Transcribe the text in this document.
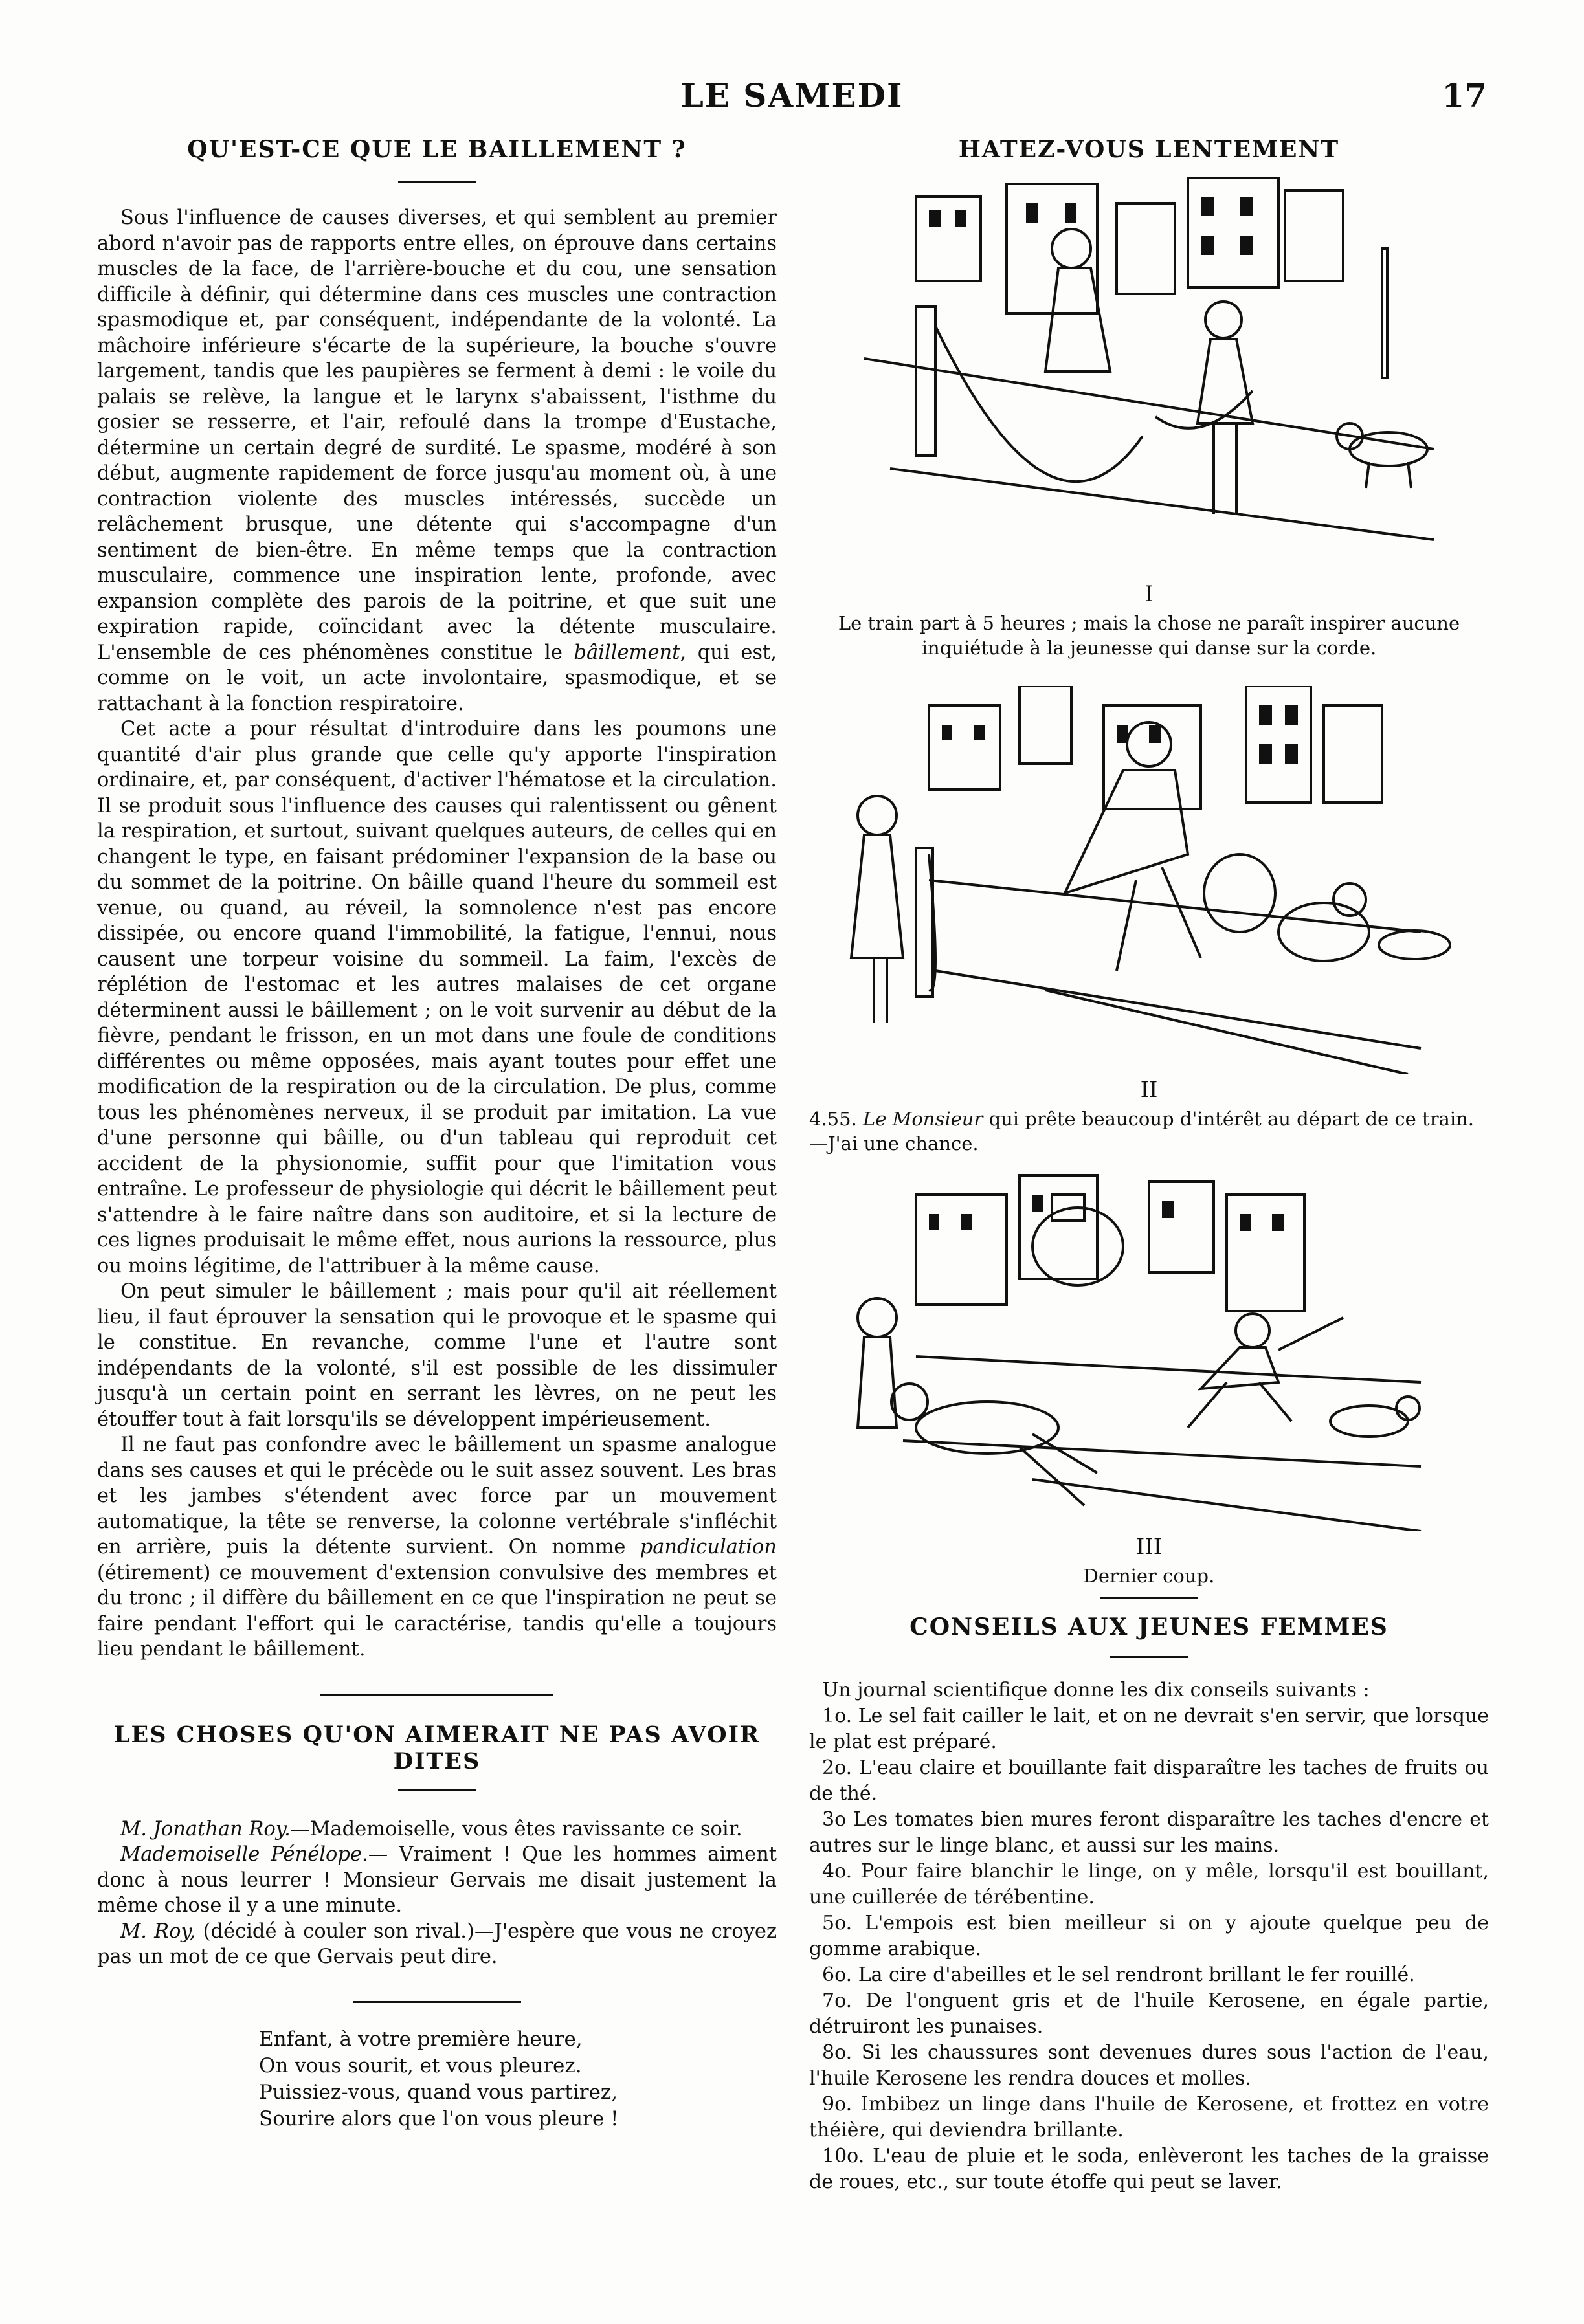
LE SAMEDI	17
QU'EST-CE QUE LE BAILLEMENT ?

Sous l'influence de causes diverses, et qui semblent au premier abord n'avoir pas de rapports entre elles, on éprouve dans certains muscles de la face, de l'arrière-bouche et du cou, une sensation difficile à définir, qui détermine dans ces muscles une contraction spasmodique et, par conséquent, indépendante de la volonté. La mâchoire inférieure s'écarte de la supérieure, la bouche s'ouvre largement, tandis que les paupières se ferment à demi : le voile du palais se relève, la langue et le larynx s'abaissent, l'isthme du gosier se resserre, et l'air, refoulé dans la trompe d'Eustache, détermine un certain degré de surdité. Le spasme, modéré à son début, augmente rapidement de force jusqu'au moment où, à une contraction violente des muscles intéressés, succède un relâchement brusque, une détente qui s'accompagne d'un sentiment de bien-être. En même temps que la contraction musculaire, commence une inspiration lente, profonde, avec expansion complète des parois de la poitrine, et que suit une expiration rapide, coïncidant avec la détente musculaire. L'ensemble de ces phénomènes constitue le bâillement, qui est, comme on le voit, un acte involontaire, spasmodique, et se rattachant à la fonction respiratoire.

Cet acte a pour résultat d'introduire dans les poumons une quantité d'air plus grande que celle qu'y apporte l'inspiration ordinaire, et, par conséquent, d'activer l'hématose et la circulation. Il se produit sous l'influence des causes qui ralentissent ou gênent la respiration, et surtout, suivant quelques auteurs, de celles qui en changent le type, en faisant prédominer l'expansion de la base ou du sommet de la poitrine. On bâille quand l'heure du sommeil est venue, ou quand, au réveil, la somnolence n'est pas encore dissipée, ou encore quand l'immobilité, la fatigue, l'ennui, nous causent une torpeur voisine du sommeil. La faim, l'excès de réplétion de l'estomac et les autres malaises de cet organe déterminent aussi le bâillement ; on le voit survenir au début de la fièvre, pendant le frisson, en un mot dans une foule de conditions différentes ou même opposées, mais ayant toutes pour effet une modification de la respiration ou de la circulation. De plus, comme tous les phénomènes nerveux, il se produit par imitation. La vue d'une personne qui bâille, ou d'un tableau qui reproduit cet accident de la physionomie, suffit pour que l'imitation vous entraîne. Le professeur de physiologie qui décrit le bâillement peut s'attendre à le faire naître dans son auditoire, et si la lecture de ces lignes produisait le même effet, nous aurions la ressource, plus ou moins légitime, de l'attribuer à la même cause.

On peut simuler le bâillement ; mais pour qu'il ait réellement lieu, il faut éprouver la sensation qui le provoque et le spasme qui le constitue. En revanche, comme l'une et l'autre sont indépendants de la volonté, s'il est possible de les dissimuler jusqu'à un certain point en serrant les lèvres, on ne peut les étouffer tout à fait lorsqu'ils se développent impérieusement.

Il ne faut pas confondre avec le bâillement un spasme analogue dans ses causes et qui le précède ou le suit assez souvent. Les bras et les jambes s'étendent avec force par un mouvement automatique, la tête se renverse, la colonne vertébrale s'infléchit en arrière, puis la détente survient. On nomme pandiculation (étirement) ce mouvement d'extension convulsive des membres et du tronc ; il diffère du bâillement en ce que l'inspiration ne peut se faire pendant l'effort qui le caractérise, tandis qu'elle a toujours lieu pendant le bâillement.

LES CHOSES QU'ON AIMERAIT NE PAS AVOIR DITES

M. Jonathan Roy.—Mademoiselle, vous êtes ravissante ce soir.

Mademoiselle Pénélope.— Vraiment ! Que les hommes aiment donc à nous leurrer ! Monsieur Gervais me disait justement la même chose il y a une minute.

M. Roy, (décidé à couler son rival.)—J'espère que vous ne croyez pas un mot de ce que Gervais peut dire.

Enfant, à votre première heure,
On vous sourit, et vous pleurez.
Puissiez-vous, quand vous partirez,
Sourire alors que l'on vous pleure !
HATEZ-VOUS LENTEMENT
I
Le train part à 5 heures ; mais la chose ne paraît inspirer aucune inquiétude à la jeunesse qui danse sur la corde.
II
4.55. Le Monsieur qui prête beaucoup d'intérêt au départ de ce train.—J'ai une chance.
III
Dernier coup.
CONSEILS AUX JEUNES FEMMES

Un journal scientifique donne les dix conseils suivants :

1o. Le sel fait cailler le lait, et on ne devrait s'en servir, que lorsque le plat est préparé.

2o. L'eau claire et bouillante fait disparaître les taches de fruits ou de thé.

3o Les tomates bien mures feront disparaître les taches d'encre et autres sur le linge blanc, et aussi sur les mains.

4o. Pour faire blanchir le linge, on y mêle, lorsqu'il est bouillant, une cuillerée de térébentine.

5o. L'empois est bien meilleur si on y ajoute quelque peu de gomme arabique.

6o. La cire d'abeilles et le sel rendront brillant le fer rouillé.

7o. De l'onguent gris et de l'huile Kerosene, en égale partie, détruiront les punaises.

8o. Si les chaussures sont devenues dures sous l'action de l'eau, l'huile Kerosene les rendra douces et molles.

9o. Imbibez un linge dans l'huile de Kerosene, et frottez en votre théière, qui deviendra brillante.

10o. L'eau de pluie et le soda, enlèveront les taches de la graisse de roues, etc., sur toute étoffe qui peut se laver.
